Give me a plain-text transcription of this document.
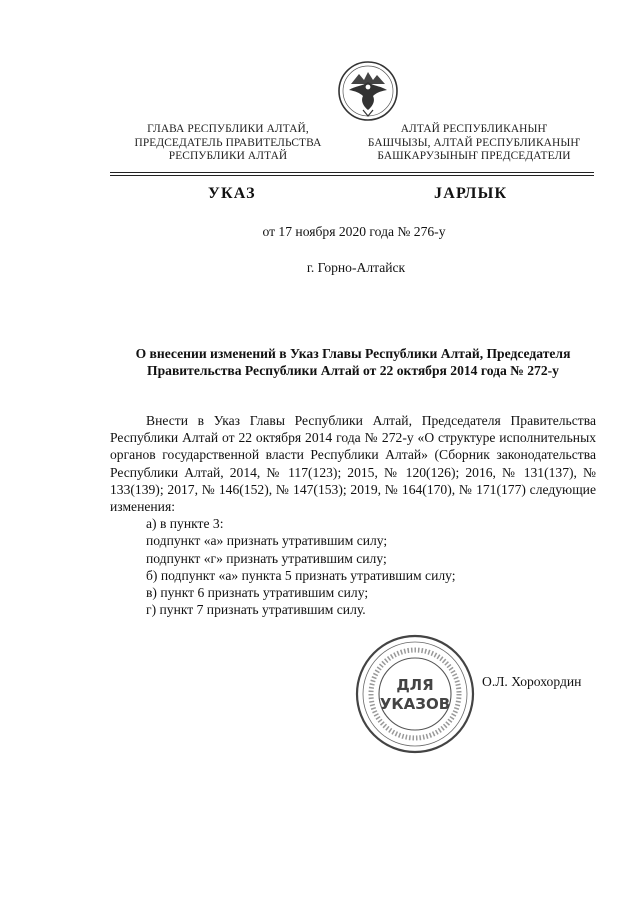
ГЛАВА РЕСПУБЛИКИ АЛТАЙ,
ПРЕДСЕДАТЕЛЬ ПРАВИТЕЛЬСТВА
РЕСПУБЛИКИ АЛТАЙ
АЛТАЙ РЕСПУБЛИКАНЫҤ
БАШЧЫЗЫ, АЛТАЙ РЕСПУБЛИКАНЫҤ
БАШКАРУЗЫНЫҤ ПРЕДСЕДАТЕЛИ
УКАЗ	JАРЛЫК
от 17 ноября 2020 года № 276-у
г. Горно-Алтайск
О внесении изменений в Указ Главы Республики Алтай, Председателя
Правительства Республики Алтай от 22 октября 2014 года № 272-у

Внести в Указ Главы Республики Алтай, Председателя Правительства Республики Алтай от 22 октября 2014 года № 272-у «О структуре исполнительных органов государственной власти Республики Алтай» (Сборник законодательства Республики Алтай, 2014, № 117(123); 2015, № 120(126); 2016, № 131(137), № 133(139); 2017, № 146(152), № 147(153); 2019, № 164(170), № 171(177) следующие изменения:

а) в пункте 3:

подпункт «а» признать утратившим силу;

подпункт «г» признать утратившим силу;

б) подпункт «а» пункта 5 признать утратившим силу;

в) пункт 6 признать утратившим силу;

г) пункт 7 признать утратившим силу.

ДЛЯ
УКАЗОВ
О.Л. Хорохордин
